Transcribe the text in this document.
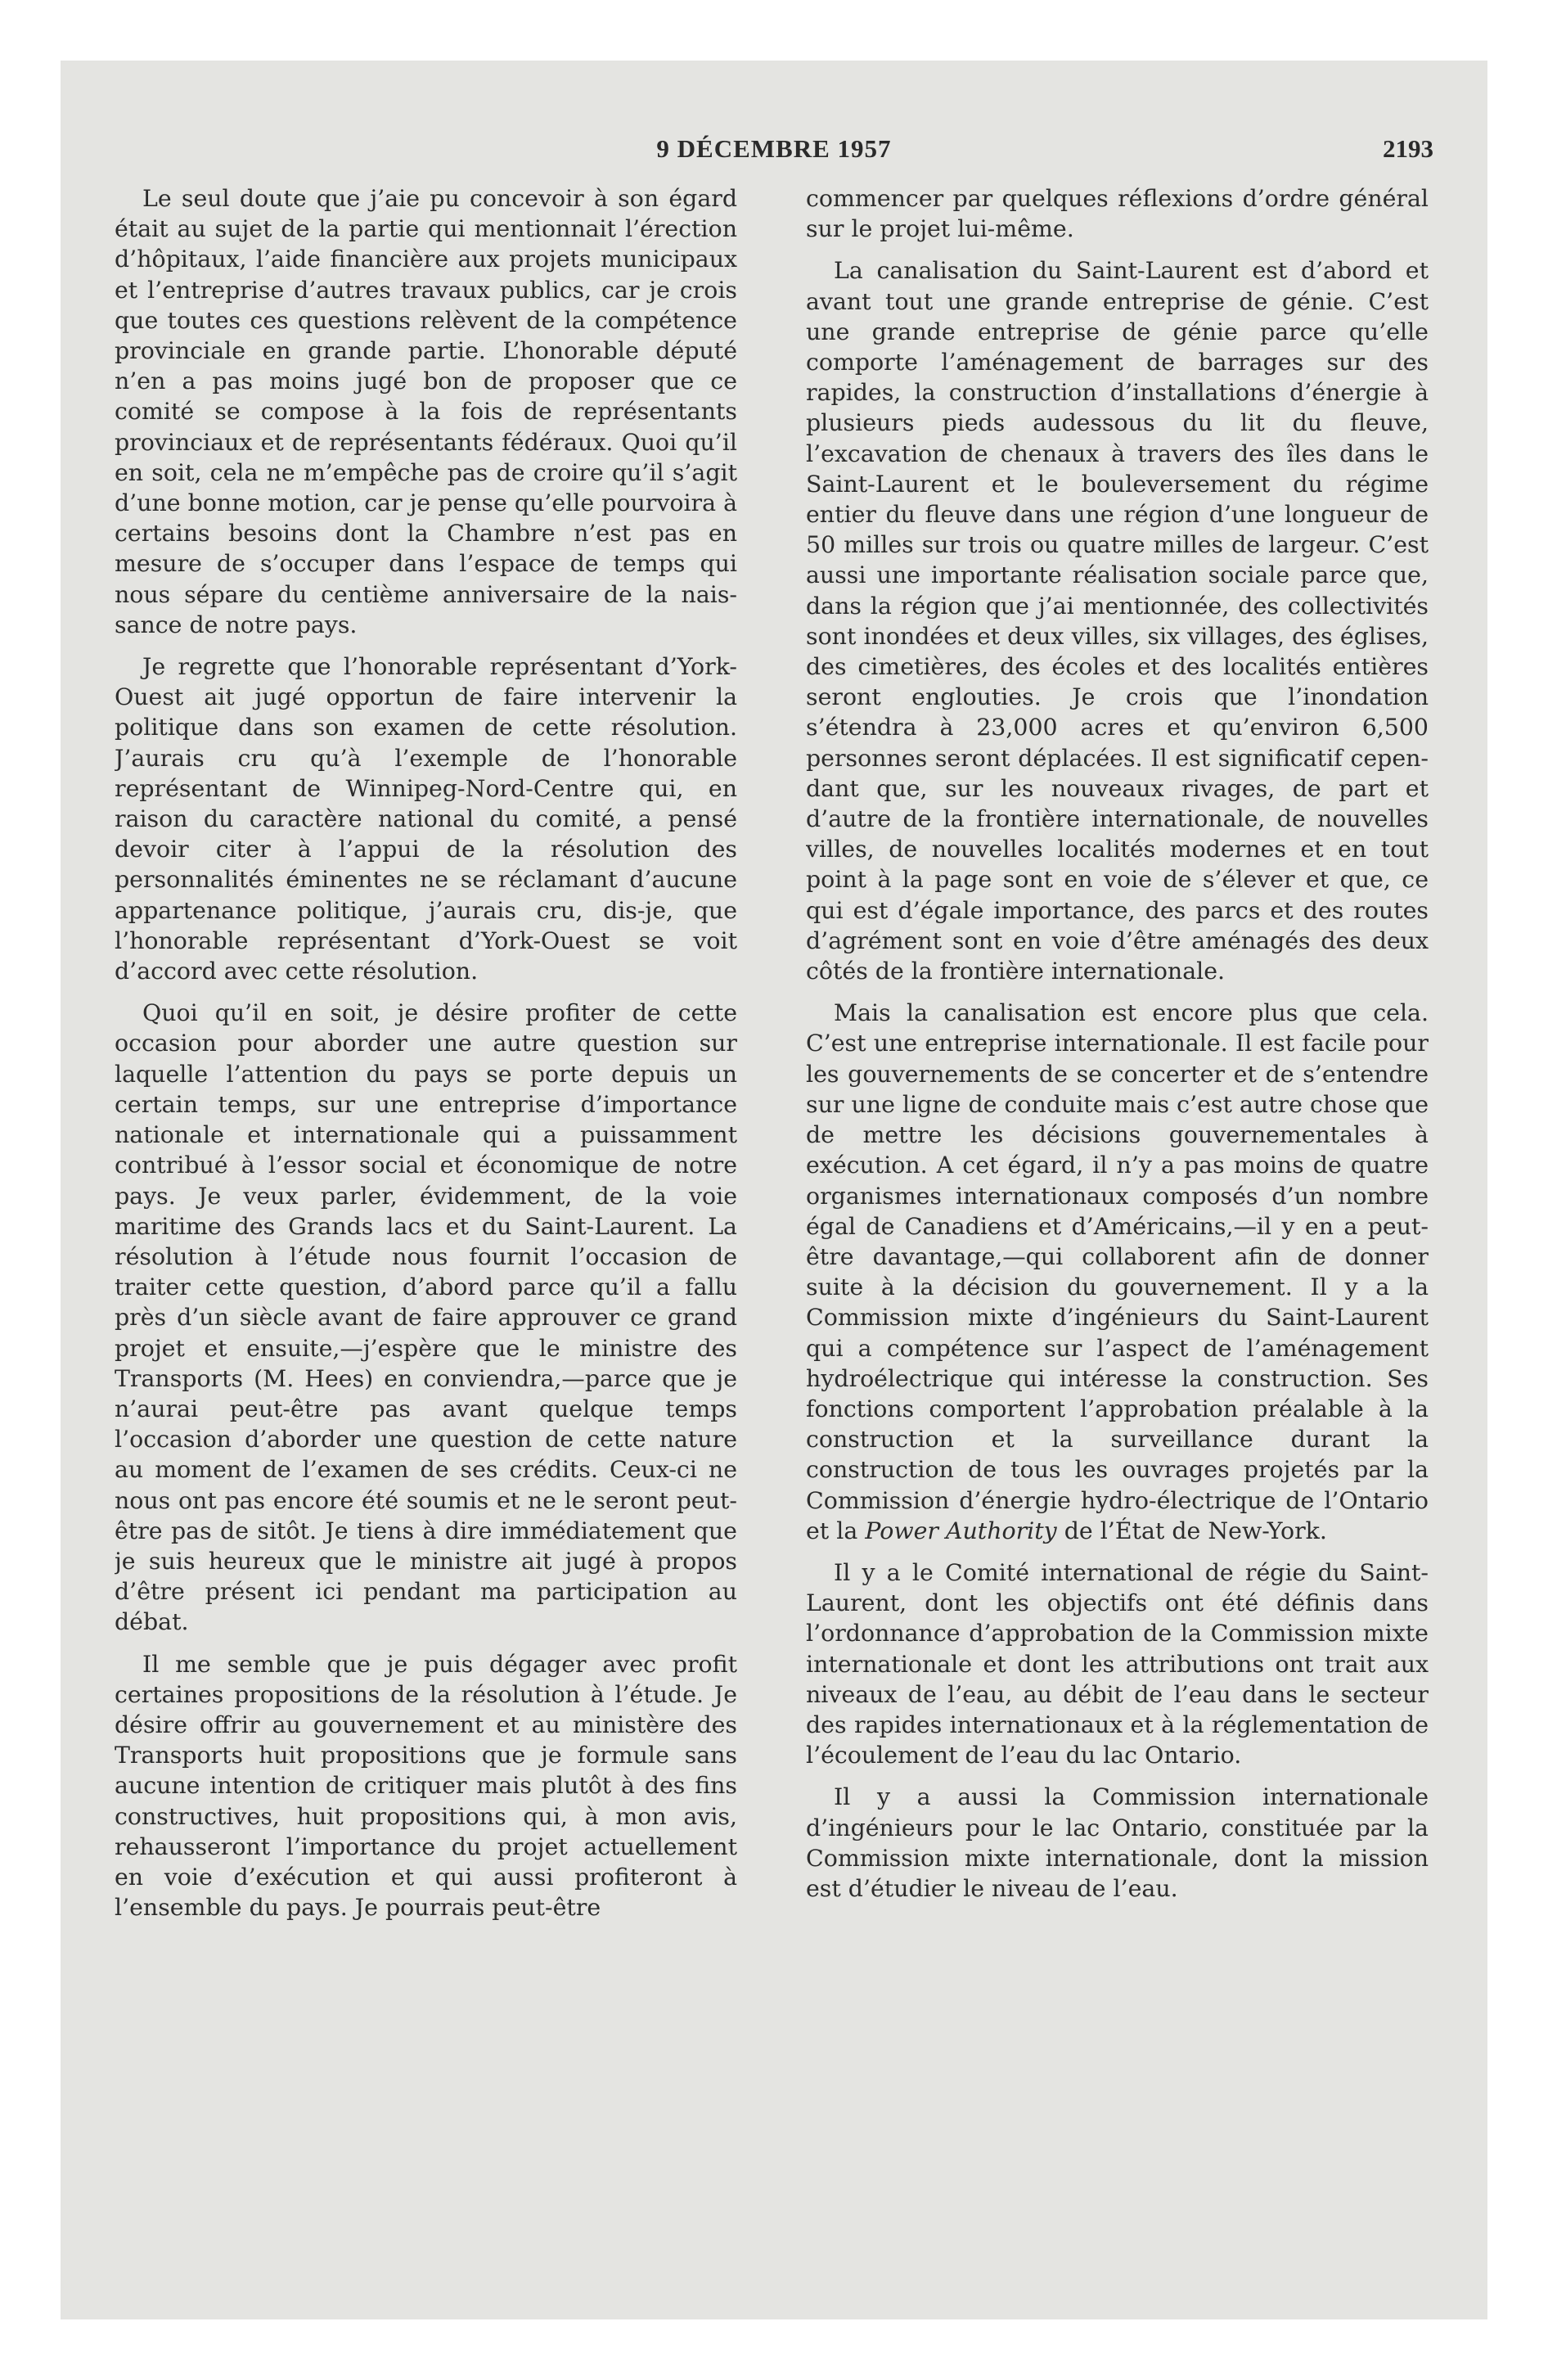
9 DÉCEMBRE 1957	2193

Le seul doute que j’aie pu concevoir à son égard était au sujet de la partie qui mentionnait l’érection d’hôpitaux, l’aide financière aux projets municipaux et l’entreprise d’autres travaux publics, car je crois que toutes ces questions relèvent de la compétence provinciale en grande partie. L’honorable député n’en a pas moins jugé bon de proposer que ce comité se compose à la fois de représentants provinciaux et de représentants fédéraux. Quoi qu’il en soit, cela ne m’empêche pas de croire qu’il s’agit d’une bonne motion, car je pense qu’elle pourvoira à certains besoins dont la Chambre n’est pas en mesure de s’occuper dans l’espace de temps qui nous sépare du centième anniversaire de la naissance de notre pays.

Je regrette que l’honorable représentant d’York-Ouest ait jugé opportun de faire intervenir la politique dans son examen de cette résolution. J’aurais cru qu’à l’exemple de l’honorable représentant de Winnipeg-Nord-Centre qui, en raison du caractère national du comité, a pensé devoir citer à l’appui de la résolution des personnalités éminentes ne se réclamant d’aucune appartenance politique, j’aurais cru, dis-je, que l’honorable représentant d’York-Ouest se voit d’accord avec cette résolution.

Quoi qu’il en soit, je désire profiter de cette occasion pour aborder une autre question sur laquelle l’attention du pays se porte depuis un certain temps, sur une entreprise d’importance nationale et internationale qui a puissamment contribué à l’essor social et économique de notre pays. Je veux parler, évidemment, de la voie maritime des Grands lacs et du Saint-Laurent. La résolution à l’étude nous fournit l’occasion de traiter cette question, d’abord parce qu’il a fallu près d’un siècle avant de faire approuver ce grand projet et ensuite,—j’espère que le ministre des Transports (M. Hees) en conviendra,—parce que je n’aurai peut-être pas avant quelque temps l’occasion d’aborder une question de cette nature au moment de l’examen de ses crédits. Ceux-ci ne nous ont pas encore été soumis et ne le seront peut-être pas de sitôt. Je tiens à dire immédiatement que je suis heureux que le ministre ait jugé à propos d’être présent ici pendant ma participation au débat.

Il me semble que je puis dégager avec profit certaines propositions de la résolution à l’étude. Je désire offrir au gouvernement et au ministère des Transports huit propositions que je formule sans aucune intention de critiquer mais plutôt à des fins constructives, huit propositions qui, à mon avis, rehausseront l’importance du projet actuellement en voie d’exécution et qui aussi profiteront à l’ensemble du pays. Je pourrais peut-être

commencer par quelques réflexions d’ordre général sur le projet lui-même.

La canalisation du Saint-Laurent est d’abord et avant tout une grande entreprise de génie. C’est une grande entreprise de génie parce qu’elle comporte l’aménagement de barrages sur des rapides, la construction d’installations d’énergie à plusieurs pieds audessous du lit du fleuve, l’excavation de chenaux à travers des îles dans le Saint-Laurent et le bouleversement du régime entier du fleuve dans une région d’une longueur de 50 milles sur trois ou quatre milles de largeur. C’est aussi une importante réalisation sociale parce que, dans la région que j’ai mentionnée, des collectivités sont inondées et deux villes, six villages, des églises, des cimetières, des écoles et des localités entières seront englouties. Je crois que l’inondation s’étendra à 23,000 acres et qu’environ 6,500 personnes seront déplacées. Il est significatif cependant que, sur les nouveaux rivages, de part et d’autre de la frontière internationale, de nouvelles villes, de nouvelles localités modernes et en tout point à la page sont en voie de s’élever et que, ce qui est d’égale importance, des parcs et des routes d’agrément sont en voie d’être aménagés des deux côtés de la frontière internationale.

Mais la canalisation est encore plus que cela. C’est une entreprise internationale. Il est facile pour les gouvernements de se concerter et de s’entendre sur une ligne de conduite mais c’est autre chose que de mettre les décisions gouvernementales à exécution. A cet égard, il n’y a pas moins de quatre organismes internationaux composés d’un nombre égal de Canadiens et d’Américains,—il y en a peut-être davantage,—qui collaborent afin de donner suite à la décision du gouvernement. Il y a la Commission mixte d’ingénieurs du Saint-Laurent qui a compétence sur l’aspect de l’aménagement hydroélectrique qui intéresse la construction. Ses fonctions comportent l’approbation préalable à la construction et la surveillance durant la construction de tous les ouvrages projetés par la Commission d’énergie hydro-électrique de l’Ontario et la Power Authority de l’État de New-York.

Il y a le Comité international de régie du Saint-Laurent, dont les objectifs ont été définis dans l’ordonnance d’approbation de la Commission mixte internationale et dont les attributions ont trait aux niveaux de l’eau, au débit de l’eau dans le secteur des rapides internationaux et à la réglementation de l’écoulement de l’eau du lac Ontario.

Il y a aussi la Commission internationale d’ingénieurs pour le lac Ontario, constituée par la Commission mixte internationale, dont la mission est d’étudier le niveau de l’eau.
